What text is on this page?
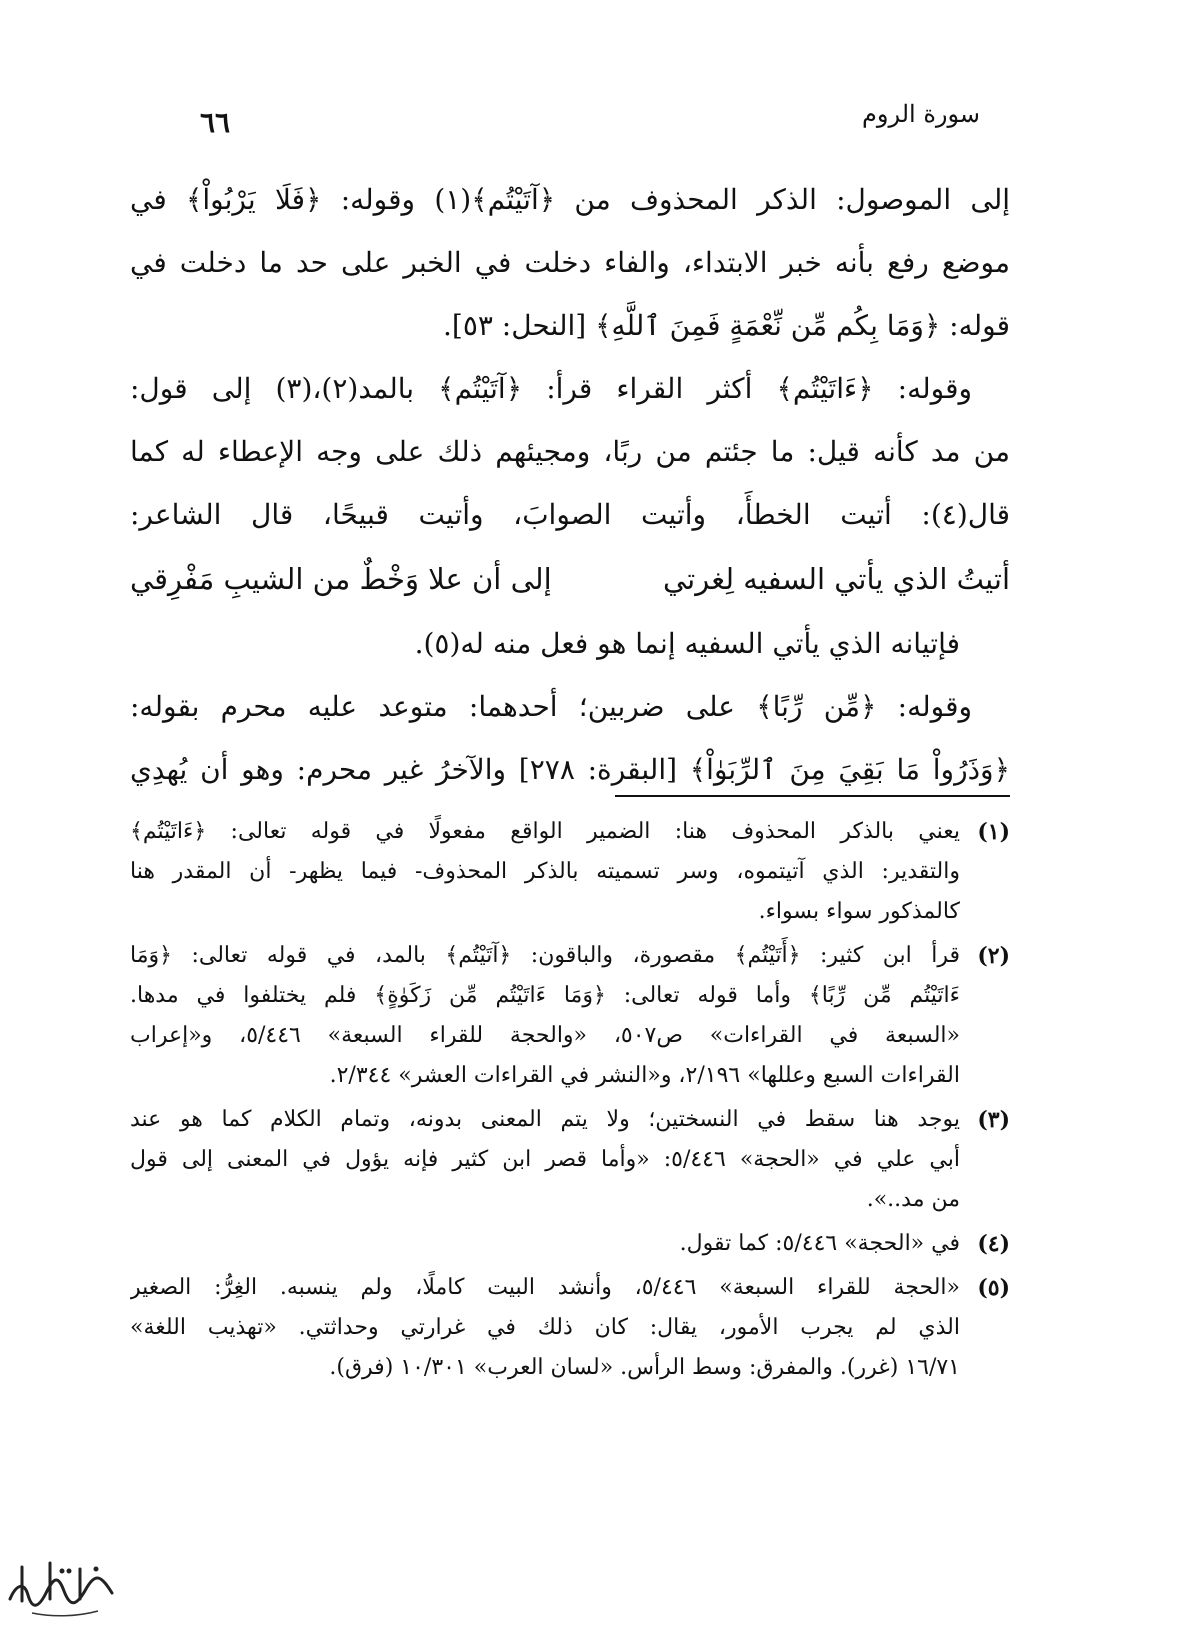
٦٦	سورة الروم
إلى الموصول: الذكر المحذوف من ﴿آتَيْتُم﴾(١) وقوله: ﴿فَلَا يَرْبُواْ﴾ في
موضع رفع بأنه خبر الابتداء، والفاء دخلت في الخبر على حد ما دخلت في
قوله: ﴿وَمَا بِكُم مِّن نِّعْمَةٍ فَمِنَ ٱللَّهِ﴾ [النحل: ٥٣].
وقوله: ﴿ءَاتَيْتُم﴾ أكثر القراء قرأ: ﴿آتَيْتُم﴾ بالمد(٢)،(٣) إلى قول:
من مد كأنه قيل: ما جئتم من ربًا، ومجيئهم ذلك على وجه الإعطاء له كما
قال(٤): أتيت الخطأَ، وأتيت الصوابَ، وأتيت قبيحًا، قال الشاعر:
أتيتُ الذي يأتي السفيه لِغرتي
إلى أن علا وَخْطٌ من الشيبِ مَفْرِقي
فإتيانه الذي يأتي السفيه إنما هو فعل منه له(٥).
وقوله: ﴿مِّن رِّبًا﴾ على ضربين؛ أحدهما: متوعد عليه محرم بقوله:
﴿وَذَرُواْ مَا بَقِيَ مِنَ ٱلرِّبَوٰاْ﴾ [البقرة: ٢٧٨] والآخرُ غير محرم: وهو أن يُهدِي
(١)
يعني بالذكر المحذوف هنا: الضمير الواقع مفعولًا في قوله تعالى: ﴿ءَاتَيْتُم﴾
والتقدير: الذي آتيتموه، وسر تسميته بالذكر المحذوف- فيما يظهر- أن المقدر هنا
كالمذكور سواء بسواء.
(٢)
قرأ ابن كثير: ﴿أَتَيْتُم﴾ مقصورة، والباقون: ﴿آتَيْتُم﴾ بالمد، في قوله تعالى: ﴿وَمَا
ءَاتَيْتُم مِّن رِّبًا﴾ وأما قوله تعالى: ﴿وَمَا ءَاتَيْتُم مِّن زَكَوٰةٍ﴾ فلم يختلفوا في مدها.
«السبعة في القراءات» ص٥٠٧، «والحجة للقراء السبعة» ٥/٤٤٦، و«إعراب
القراءات السبع وعللها» ٢/١٩٦، و«النشر في القراءات العشر» ٢/٣٤٤.
(٣)
يوجد هنا سقط في النسختين؛ ولا يتم المعنى بدونه، وتمام الكلام كما هو عند
أبي علي في «الحجة» ٥/٤٤٦: «وأما قصر ابن كثير فإنه يؤول في المعنى إلى قول
من مد..».
(٤)
في «الحجة» ٥/٤٤٦: كما تقول.
(٥)
«الحجة للقراء السبعة» ٥/٤٤٦، وأنشد البيت كاملًا، ولم ينسبه. الغِرُّ: الصغير
الذي لم يجرب الأمور، يقال: كان ذلك في غرارتي وحداثتي. «تهذيب اللغة»
١٦/٧١ (غرر). والمفرق: وسط الرأس. «لسان العرب» ١٠/٣٠١ (فرق).
